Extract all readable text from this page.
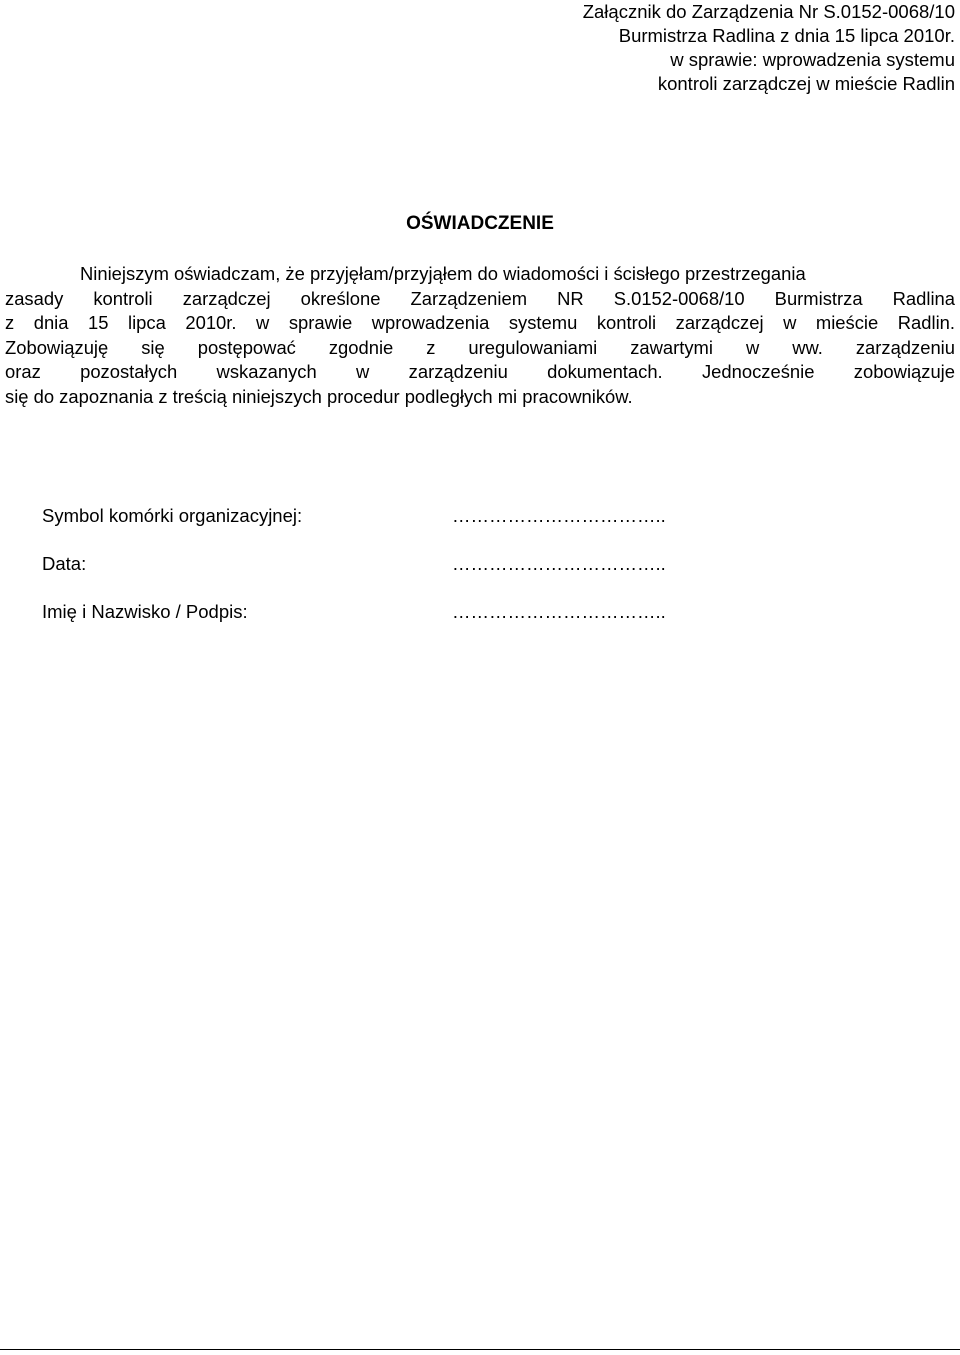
Załącznik do Zarządzenia Nr S.0152-0068/10
Burmistrza Radlina z dnia 15 lipca 2010r.
w sprawie: wprowadzenia systemu
kontroli zarządczej w mieście Radlin
OŚWIADCZENIE
Niniejszym oświadczam, że przyjęłam/przyjąłem do wiadomości i ścisłego przestrzegania
zasady kontroli zarządczej określone Zarządzeniem NR S.0152-0068/10 Burmistrza Radlina
z dnia 15 lipca 2010r. w sprawie wprowadzenia systemu kontroli zarządczej w mieście Radlin.
Zobowiązuję się postępować zgodnie z uregulowaniami zawartymi w ww. zarządzeniu
oraz pozostałych wskazanych w zarządzeniu dokumentach. Jednocześnie zobowiązuje
się do zapoznania z treścią niniejszych procedur podległych mi pracowników.
Symbol komórki organizacyjnej:	……………………………..
Data:	……………………………..
Imię i Nazwisko / Podpis:	……………………………..
